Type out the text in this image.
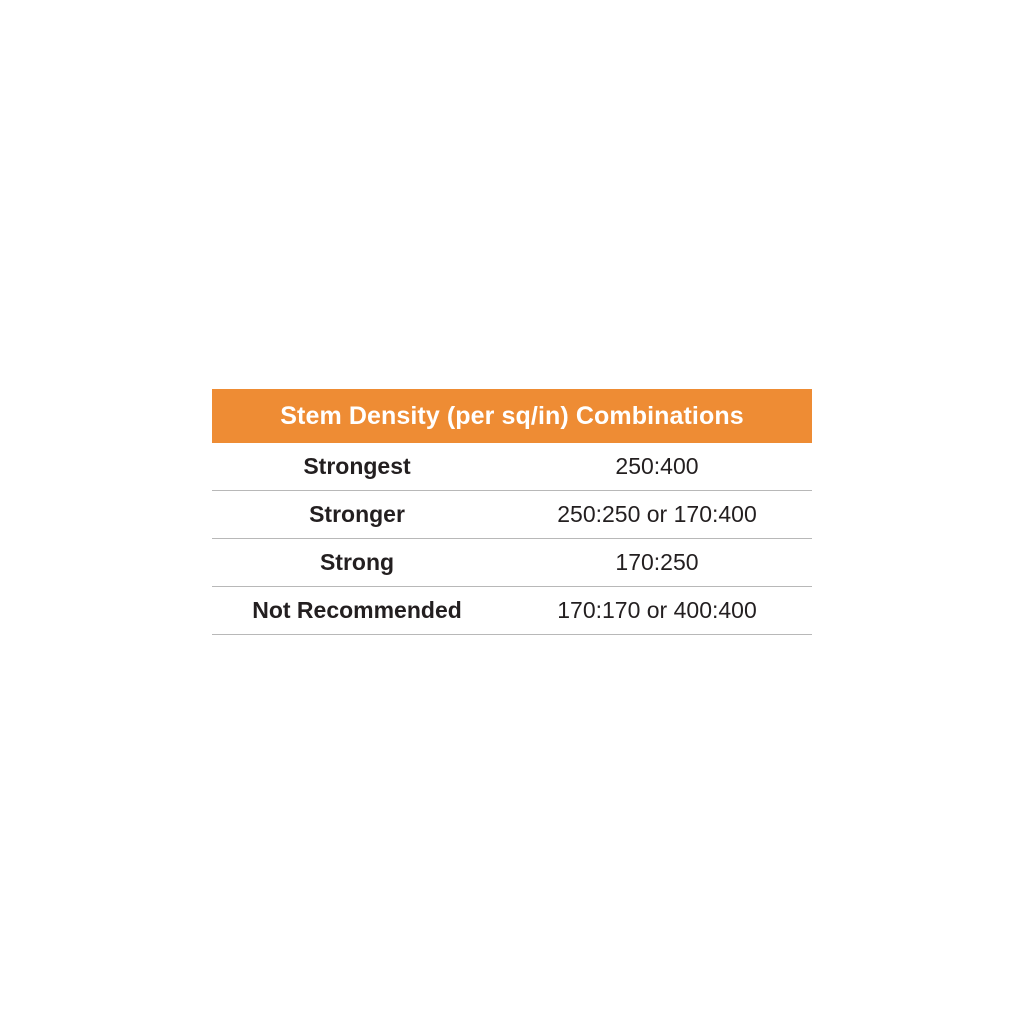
Stem Density (per sq/in) Combinations
Strongest	250:400
Stronger	250:250 or 170:400
Strong	170:250
Not Recommended	170:170 or 400:400
